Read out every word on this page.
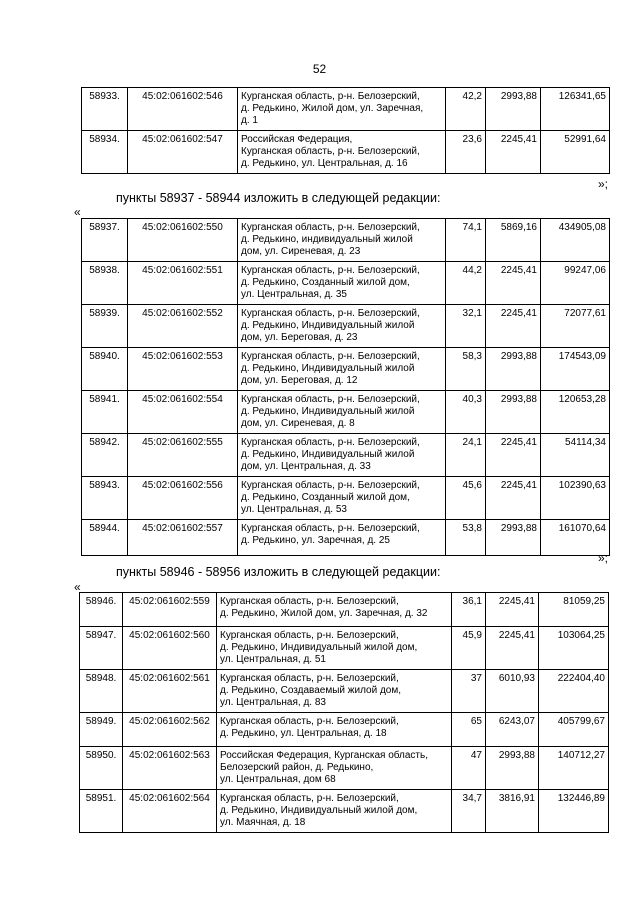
52
58933.	45:02:061602:546	Курганская область, р-н. Белозерский,
д. Редькино, Жилой дом, ул. Заречная,
д. 1	42,2	2993,88	126341,65
58934.	45:02:061602:547	Российская Федерация,
Курганская область, р-н. Белозерский,
д. Редькино, ул. Центральная, д. 16	23,6	2245,41	52991,64
»;
пункты 58937 - 58944 изложить в следующей редакции:
«
58937.	45:02:061602:550	Курганская область, р-н. Белозерский,
д. Редькино, индивидуальный жилой
дом, ул. Сиреневая, д. 23	74,1	5869,16	434905,08
58938.	45:02:061602:551	Курганская область, р-н. Белозерский,
д. Редькино, Созданный жилой дом,
ул. Центральная, д. 35	44,2	2245,41	99247,06
58939.	45:02:061602:552	Курганская область, р-н. Белозерский,
д. Редькино, Индивидуальный жилой
дом, ул. Береговая, д. 23	32,1	2245,41	72077,61
58940.	45:02:061602:553	Курганская область, р-н. Белозерский,
д. Редькино, Индивидуальный жилой
дом, ул. Береговая, д. 12	58,3	2993,88	174543,09
58941.	45:02:061602:554	Курганская область, р-н. Белозерский,
д. Редькино, Индивидуальный жилой
дом, ул. Сиреневая, д. 8	40,3	2993,88	120653,28
58942.	45:02:061602:555	Курганская область, р-н. Белозерский,
д. Редькино, Индивидуальный жилой
дом, ул. Центральная, д. 33	24,1	2245,41	54114,34
58943.	45:02:061602:556	Курганская область, р-н. Белозерский,
д. Редькино, Созданный жилой дом,
ул. Центральная, д. 53	45,6	2245,41	102390,63
58944.	45:02:061602:557	Курганская область, р-н. Белозерский,
д. Редькино, ул. Заречная, д. 25	53,8	2993,88	161070,64
»;
пункты 58946 - 58956 изложить в следующей редакции:
«
58946.	45:02:061602:559	Курганская область, р-н. Белозерский,
д. Редькино, Жилой дом, ул. Заречная, д. 32	36,1	2245,41	81059,25
58947.	45:02:061602:560	Курганская область, р-н. Белозерский,
д. Редькино, Индивидуальный жилой дом,
ул. Центральная, д. 51	45,9	2245,41	103064,25
58948.	45:02:061602:561	Курганская область, р-н. Белозерский,
д. Редькино, Создаваемый жилой дом,
ул. Центральная, д. 83	37	6010,93	222404,40
58949.	45:02:061602:562	Курганская область, р-н. Белозерский,
д. Редькино, ул. Центральная, д. 18	65	6243,07	405799,67
58950.	45:02:061602:563	Российская Федерация, Курганская область,
Белозерский район, д. Редькино,
ул. Центральная, дом 68	47	2993,88	140712,27
58951.	45:02:061602:564	Курганская область, р-н. Белозерский,
д. Редькино, Индивидуальный жилой дом,
ул. Маячная, д. 18	34,7	3816,91	132446,89
